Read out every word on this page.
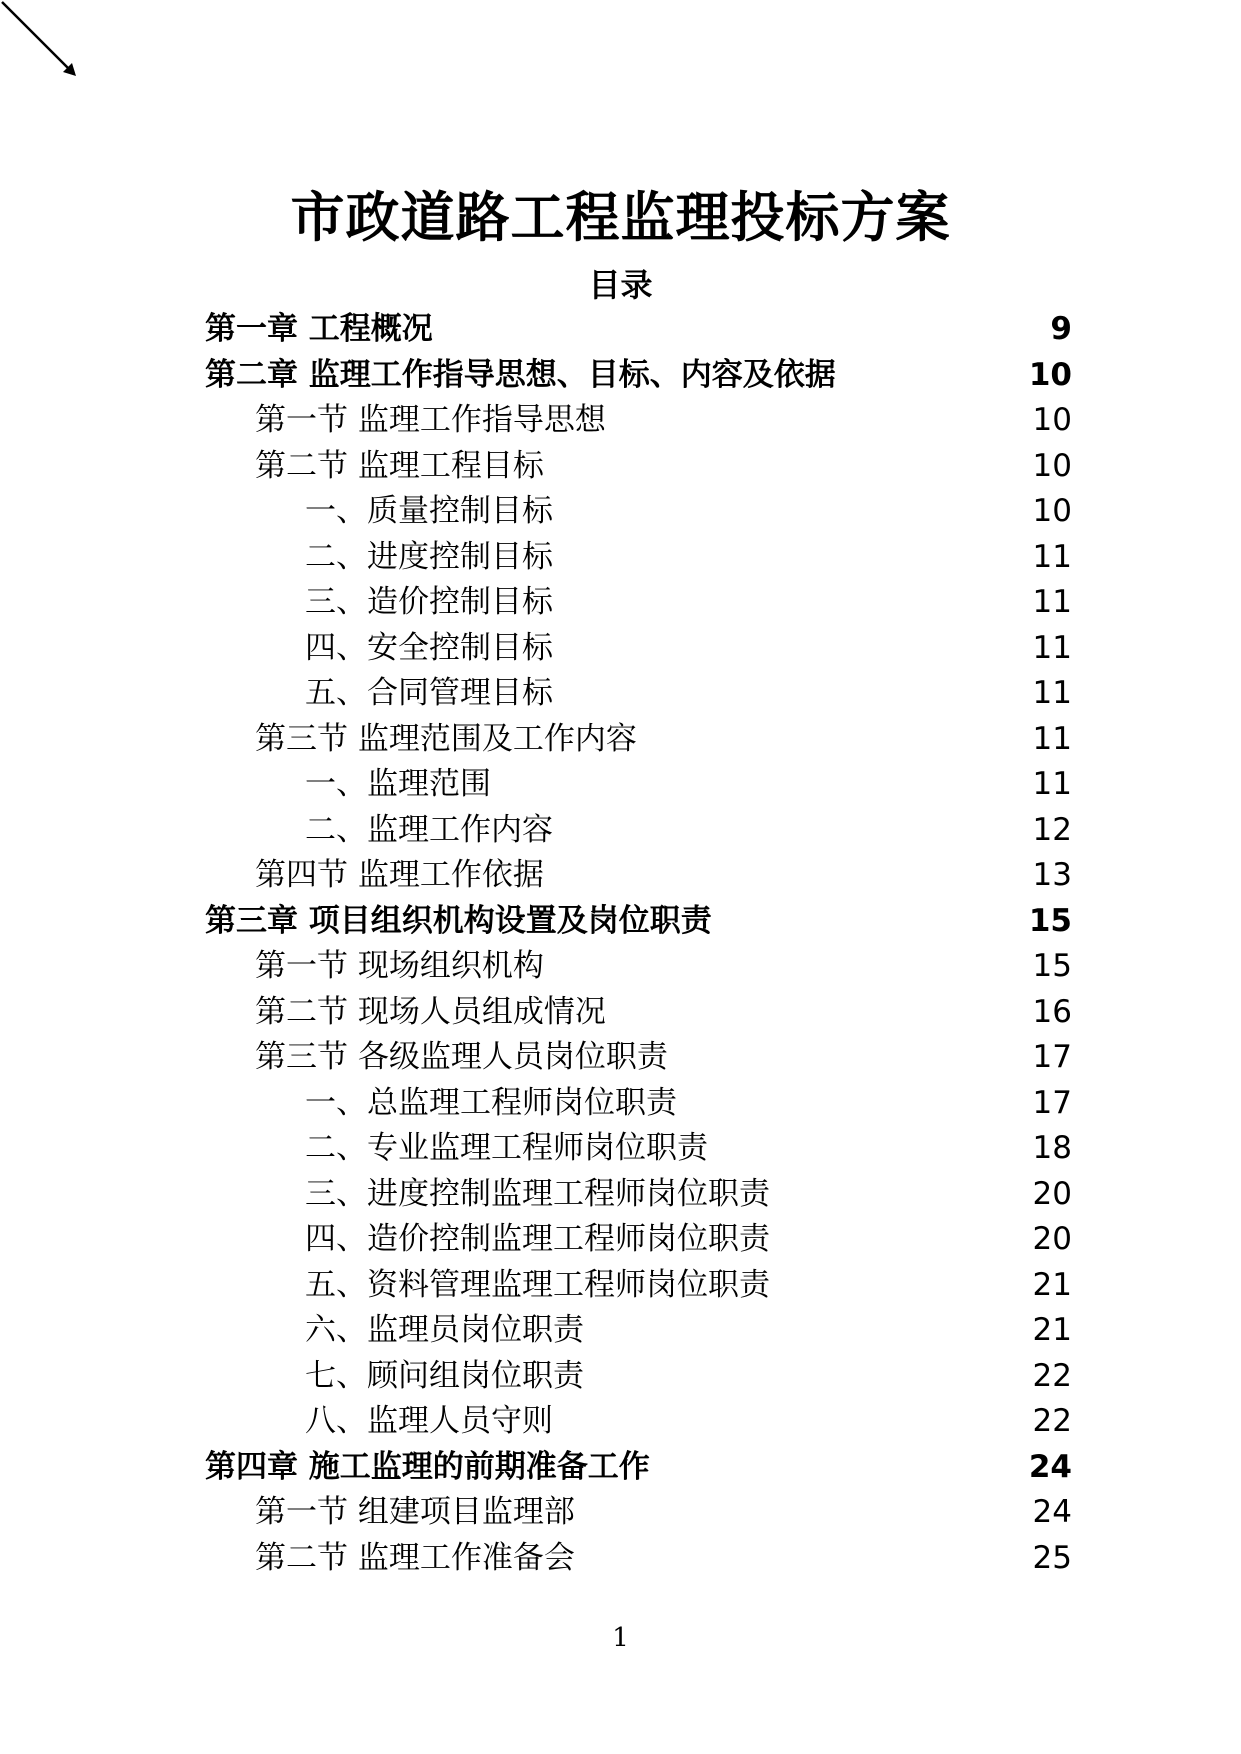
市政道路工程监理投标方案
目录
第一章 工程概况	9
第二章 监理工作指导思想、目标、内容及依据	10
第一节 监理工作指导思想	10
第二节 监理工程目标	10
一、质量控制目标	10
二、进度控制目标	11
三、造价控制目标	11
四、安全控制目标	11
五、合同管理目标	11
第三节 监理范围及工作内容	11
一、监理范围	11
二、监理工作内容	12
第四节 监理工作依据	13
第三章 项目组织机构设置及岗位职责	15
第一节 现场组织机构	15
第二节 现场人员组成情况	16
第三节 各级监理人员岗位职责	17
一、总监理工程师岗位职责	17
二、专业监理工程师岗位职责	18
三、进度控制监理工程师岗位职责	20
四、造价控制监理工程师岗位职责	20
五、资料管理监理工程师岗位职责	21
六、监理员岗位职责	21
七、顾问组岗位职责	22
八、监理人员守则	22
第四章 施工监理的前期准备工作	24
第一节 组建项目监理部	24
第二节 监理工作准备会	25
1
